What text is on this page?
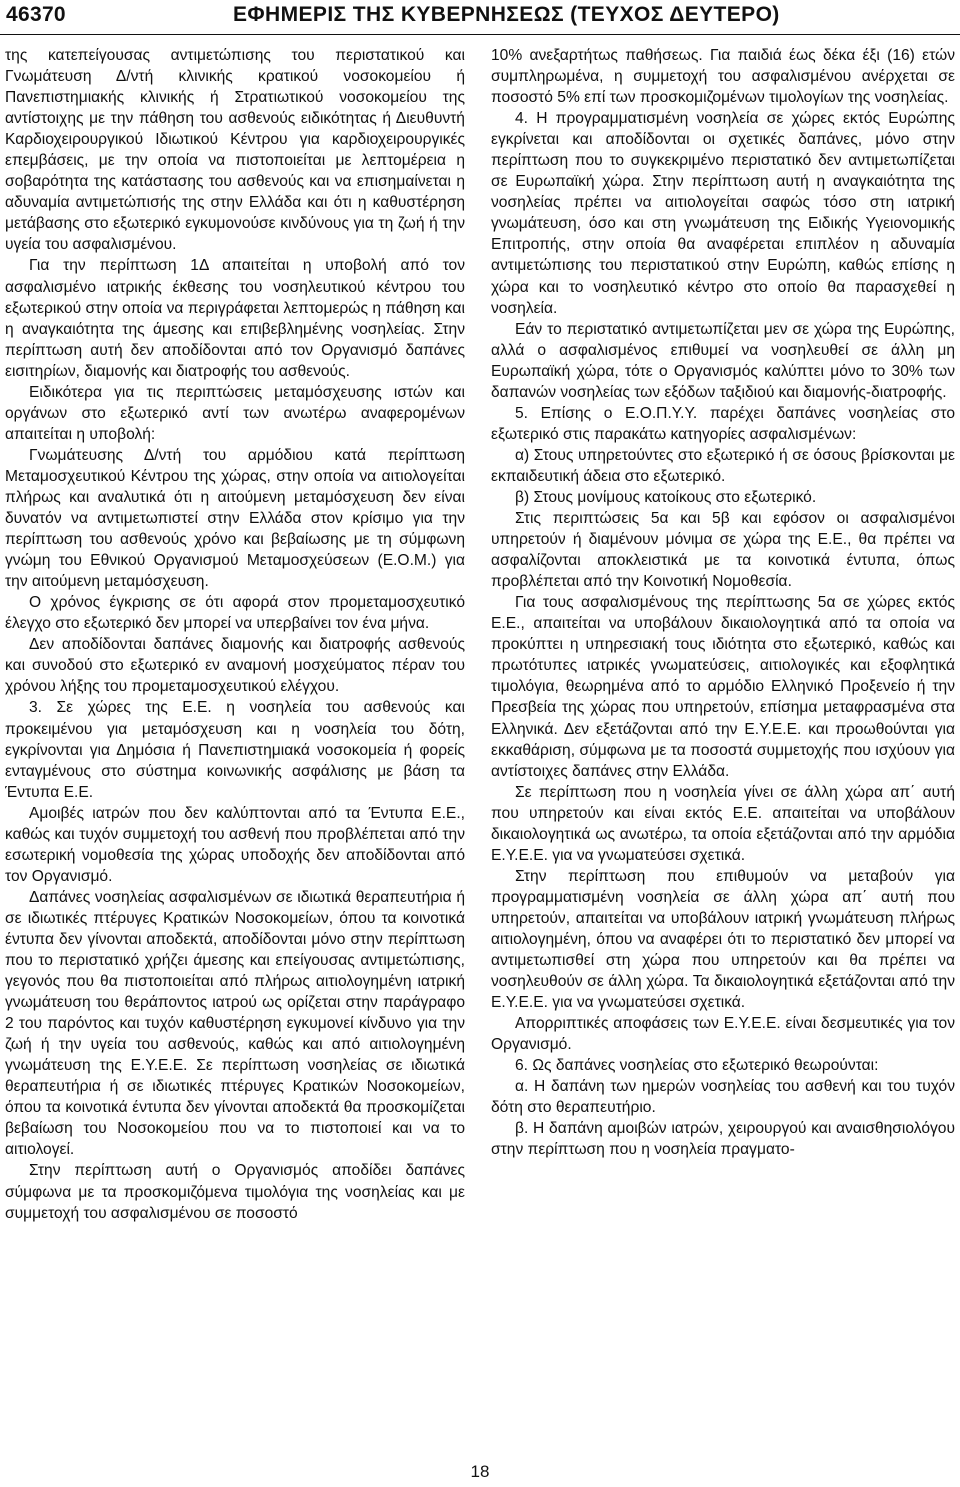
46370	ΕΦΗΜΕΡΙΣ ΤΗΣ ΚΥΒΕΡΝΗΣΕΩΣ (ΤΕΥΧΟΣ ΔΕΥΤΕΡΟ)

της κατεπείγουσας αντιμετώπισης του περιστατικού και Γνωμάτευση Δ/ντή κλινικής κρατικού νοσοκομείου ή Πανεπιστημιακής κλινικής ή Στρατιωτικού νοσοκομείου της αντίστοιχης με την πάθηση του ασθενούς ειδικότητας ή Διευθυντή Καρδιοχειρουργικού Ιδιωτικού Κέντρου για καρδιοχειρουργικές επεμβάσεις, με την οποία να πιστοποιείται με λεπτομέρεια η σοβαρότητα της κατάστασης του ασθενούς και να επισημαίνεται η αδυναμία αντιμετώπισής της στην Ελλάδα και ότι η καθυστέρηση μετάβασης στο εξωτερικό εγκυμονούσε κινδύνους για τη ζωή ή την υγεία του ασφαλισμένου.

Για την περίπτωση 1Δ απαιτείται η υποβολή από τον ασφαλισμένο ιατρικής έκθεσης του νοσηλευτικού κέντρου του εξωτερικού στην οποία να περιγράφεται λεπτομερώς η πάθηση και η αναγκαιότητα της άμεσης και επιβεβλημένης νοσηλείας. Στην περίπτωση αυτή δεν αποδίδονται από τον Οργανισμό δαπάνες εισιτηρίων, διαμονής και διατροφής του ασθενούς.

Ειδικότερα για τις περιπτώσεις μεταμόσχευσης ιστών και οργάνων στο εξωτερικό αντί των ανωτέρω αναφερομένων απαιτείται η υποβολή:

Γνωμάτευσης Δ/ντή του αρμόδιου κατά περίπτωση Μεταμοσχευτικού Κέντρου της χώρας, στην οποία να αιτιολογείται πλήρως και αναλυτικά ότι η αιτούμενη μεταμόσχευση δεν είναι δυνατόν να αντιμετωπιστεί στην Ελλάδα στον κρίσιμο για την περίπτωση του ασθενούς χρόνο και βεβαίωσης με τη σύμφωνη γνώμη του Εθνικού Οργανισμού Μεταμοσχεύσεων (Ε.Ο.Μ.) για την αιτούμενη μεταμόσχευση.

Ο χρόνος έγκρισης σε ότι αφορά στον προμεταμοσχευτικό έλεγχο στο εξωτερικό δεν μπορεί να υπερβαίνει τον ένα μήνα.

Δεν αποδίδονται δαπάνες διαμονής και διατροφής ασθενούς και συνοδού στο εξωτερικό εν αναμονή μοσχεύματος πέραν του χρόνου λήξης του προμεταμοσχευτικού ελέγχου.

3. Σε χώρες της Ε.Ε. η νοσηλεία του ασθενούς και προκειμένου για μεταμόσχευση και η νοσηλεία του δότη, εγκρίνονται για Δημόσια ή Πανεπιστημιακά νοσοκομεία ή φορείς ενταγμένους στο σύστημα κοινωνικής ασφάλισης με βάση τα Έντυπα Ε.Ε.

Αμοιβές ιατρών που δεν καλύπτονται από τα Έντυπα Ε.Ε., καθώς και τυχόν συμμετοχή του ασθενή που προβλέπεται από την εσωτερική νομοθεσία της χώρας υποδοχής δεν αποδίδονται από τον Οργανισμό.

Δαπάνες νοσηλείας ασφαλισμένων σε ιδιωτικά θεραπευτήρια ή σε ιδιωτικές πτέρυγες Κρατικών Νοσοκομείων, όπου τα κοινοτικά έντυπα δεν γίνονται αποδεκτά, αποδίδονται μόνο στην περίπτωση που το περιστατικό χρήζει άμεσης και επείγουσας αντιμετώπισης, γεγονός που θα πιστοποιείται από πλήρως αιτιολογημένη ιατρική γνωμάτευση του θεράποντος ιατρού ως ορίζεται στην παράγραφο 2 του παρόντος και τυχόν καθυστέρηση εγκυμονεί κίνδυνο για την ζωή ή την υγεία του ασθενούς, καθώς και από αιτιολογημένη γνωμάτευση της Ε.Υ.Ε.Ε. Σε περίπτωση νοσηλείας σε ιδιωτικά θεραπευτήρια ή σε ιδιωτικές πτέρυγες Κρατικών Νοσοκομείων, όπου τα κοινοτικά έντυπα δεν γίνονται αποδεκτά θα προσκομίζεται βεβαίωση του Νοσοκομείου που να το πιστοποιεί και να το αιτιολογεί.

Στην περίπτωση αυτή ο Οργανισμός αποδίδει δαπάνες σύμφωνα με τα προσκομιζόμενα τιμολόγια της νοσηλείας και με συμμετοχή του ασφαλισμένου σε ποσοστό

10% ανεξαρτήτως παθήσεως. Για παιδιά έως δέκα έξι (16) ετών συμπληρωμένα, η συμμετοχή του ασφαλισμένου ανέρχεται σε ποσοστό 5% επί των προσκομιζομένων τιμολογίων της νοσηλείας.

4. Η προγραμματισμένη νοσηλεία σε χώρες εκτός Ευρώπης εγκρίνεται και αποδίδονται οι σχετικές δαπάνες, μόνο στην περίπτωση που το συγκεκριμένο περιστατικό δεν αντιμετωπίζεται σε Ευρωπαϊκή χώρα. Στην περίπτωση αυτή η αναγκαιότητα της νοσηλείας πρέπει να αιτιολογείται σαφώς τόσο στη ιατρική γνωμάτευση, όσο και στη γνωμάτευση της Ειδικής Υγειονομικής Επιτροπής, στην οποία θα αναφέρεται επιπλέον η αδυναμία αντιμετώπισης του περιστατικού στην Ευρώπη, καθώς επίσης η χώρα και το νοσηλευτικό κέντρο στο οποίο θα παρασχεθεί η νοσηλεία.

Εάν το περιστατικό αντιμετωπίζεται μεν σε χώρα της Ευρώπης, αλλά ο ασφαλισμένος επιθυμεί να νοσηλευθεί σε άλλη μη Ευρωπαϊκή χώρα, τότε ο Οργανισμός καλύπτει μόνο το 30% των δαπανών νοσηλείας των εξόδων ταξιδιού και διαμονής-διατροφής.

5. Επίσης ο Ε.Ο.Π.Υ.Υ. παρέχει δαπάνες νοσηλείας στο εξωτερικό στις παρακάτω κατηγορίες ασφαλισμένων:

α) Στους υπηρετούντες στο εξωτερικό ή σε όσους βρίσκονται με εκπαιδευτική άδεια στο εξωτερικό.

β) Στους μονίμους κατοίκους στο εξωτερικό.

Στις περιπτώσεις 5α και 5β και εφόσον οι ασφαλισμένοι υπηρετούν ή διαμένουν μόνιμα σε χώρα της Ε.Ε., θα πρέπει να ασφαλίζονται αποκλειστικά με τα κοινοτικά έντυπα, όπως προβλέπεται από την Κοινοτική Νομοθεσία.

Για τους ασφαλισμένους της περίπτωσης 5α σε χώρες εκτός Ε.Ε., απαιτείται να υποβάλουν δικαιολογητικά από τα οποία να προκύπτει η υπηρεσιακή τους ιδιότητα στο εξωτερικό, καθώς και πρωτότυπες ιατρικές γνωματεύσεις, αιτιολογικές και εξοφλητικά τιμολόγια, θεωρημένα από το αρμόδιο Ελληνικό Προξενείο ή την Πρεσβεία της χώρας που υπηρετούν, επίσημα μεταφρασμένα στα Ελληνικά. Δεν εξετάζονται από την Ε.Υ.Ε.Ε. και προωθούνται για εκκαθάριση, σύμφωνα με τα ποσοστά συμμετοχής που ισχύουν για αντίστοιχες δαπάνες στην Ελλάδα.

Σε περίπτωση που η νοσηλεία γίνει σε άλλη χώρα απ΄ αυτή που υπηρετούν και είναι εκτός Ε.Ε. απαιτείται να υποβάλουν δικαιολογητικά ως ανωτέρω, τα οποία εξετάζονται από την αρμόδια Ε.Υ.Ε.Ε. για να γνωματεύσει σχετικά.

Στην περίπτωση που επιθυμούν να μεταβούν για προγραμματισμένη νοσηλεία σε άλλη χώρα απ΄ αυτή που υπηρετούν, απαιτείται να υποβάλουν ιατρική γνωμάτευση πλήρως αιτιολογημένη, όπου να αναφέρει ότι το περιστατικό δεν μπορεί να αντιμετωπισθεί στη χώρα που υπηρετούν και θα πρέπει να νοσηλευθούν σε άλλη χώρα. Τα δικαιολογητικά εξετάζονται από την Ε.Υ.Ε.Ε. για να γνωματεύσει σχετικά.

Απορριπτικές αποφάσεις των Ε.Υ.Ε.Ε. είναι δεσμευτικές για τον Οργανισμό.

6. Ως δαπάνες νοσηλείας στο εξωτερικό θεωρούνται:

α. Η δαπάνη των ημερών νοσηλείας του ασθενή και του τυχόν δότη στο θεραπευτήριο.

β. Η δαπάνη αμοιβών ιατρών, χειρουργού και αναισθησιολόγου στην περίπτωση που η νοσηλεία πραγματο-

18
